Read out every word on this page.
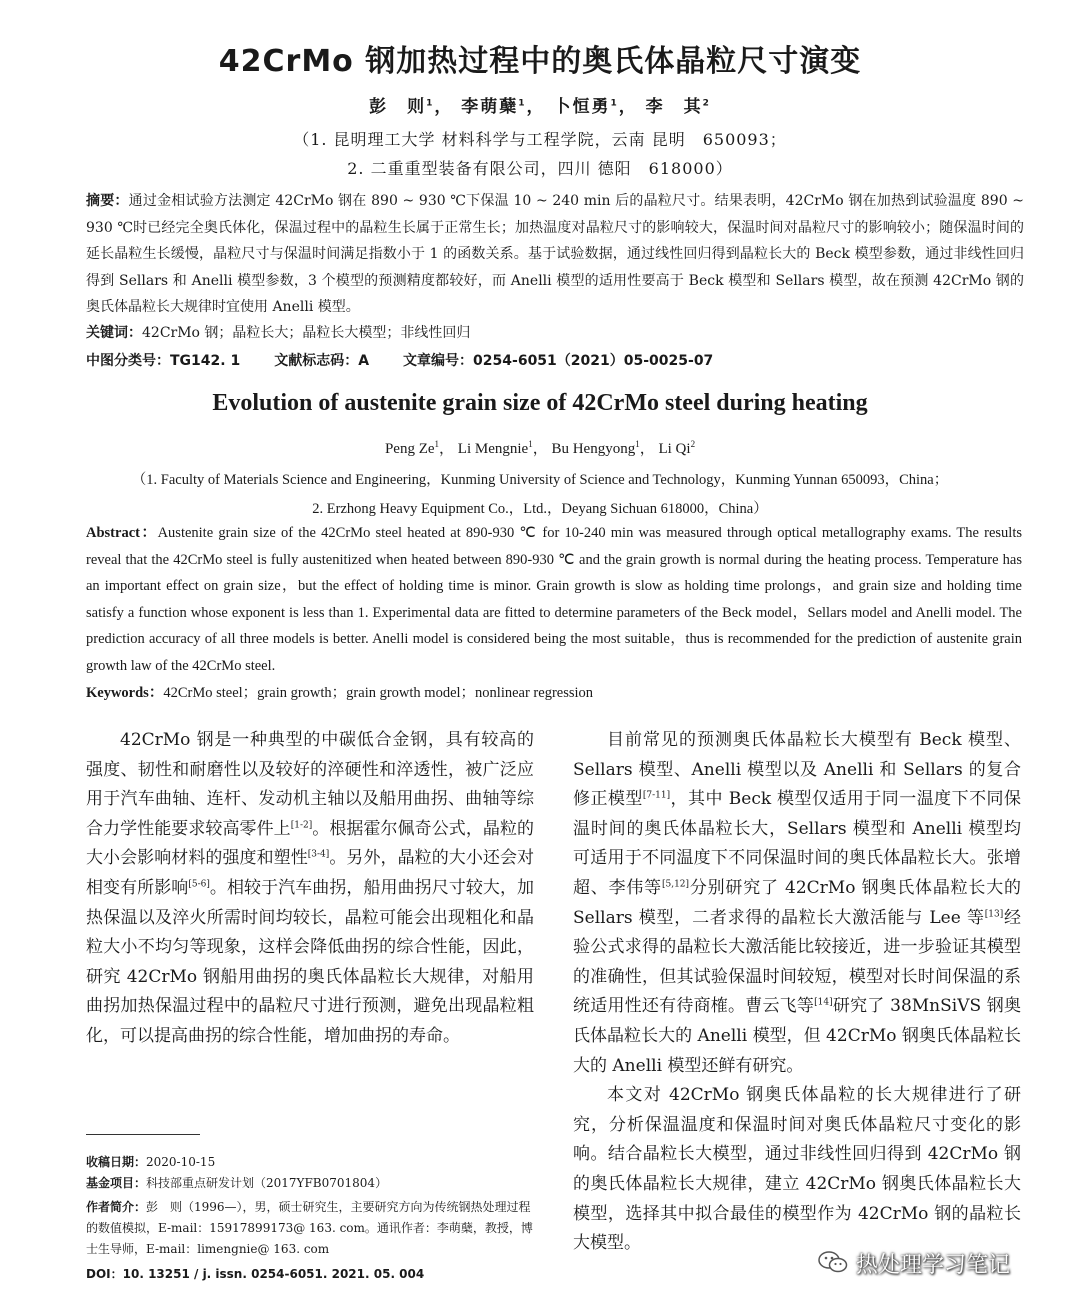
42CrMo 钢加热过程中的奥氏体晶粒尺寸演变
彭　则$^1$， 李萌蘖$^1$， 卜恒勇$^1$， 李　其$^2$
（1. 昆明理工大学 材料科学与工程学院，云南 昆明　650093；
2. 二重重型装备有限公司，四川 德阳　618000）
摘要：通过金相试验方法测定 42CrMo 钢在 890 ~ 930 ℃下保温 10 ~ 240 min 后的晶粒尺寸。结果表明，42CrMo 钢在加热到试验温度 890 ~ 930 ℃时已经完全奥氏体化，保温过程中的晶粒生长属于正常生长；加热温度对晶粒尺寸的影响较大，保温时间对晶粒尺寸的影响较小；随保温时间的延长晶粒生长缓慢，晶粒尺寸与保温时间满足指数小于 1 的函数关系。基于试验数据，通过线性回归得到晶粒长大的 Beck 模型参数，通过非线性回归得到 Sellars 和 Anelli 模型参数，3 个模型的预测精度都较好，而 Anelli 模型的适用性要高于 Beck 模型和 Sellars 模型，故在预测 42CrMo 钢的奥氏体晶粒长大规律时宜使用 Anelli 模型。
关键词：42CrMo 钢；晶粒长大；晶粒长大模型；非线性回归
中图分类号：TG142. 1 文献标志码：A 文章编号：0254-6051（2021）05-0025-07
Evolution of austenite grain size of 42CrMo steel during heating
Peng Ze$^1$， Li Mengnie$^1$， Bu Hengyong$^1$， Li Qi$^2$
（1. Faculty of Materials Science and Engineering，Kunming University of Science and Technology，Kunming Yunnan 650093，China；
2. Erzhong Heavy Equipment Co.，Ltd.，Deyang Sichuan 618000，China）
Abstract：Austenite grain size of the 42CrMo steel heated at 890-930 ℃ for 10-240 min was measured through optical metallography exams. The results reveal that the 42CrMo steel is fully austenitized when heated between 890-930 ℃ and the grain growth is normal during the heating process. Temperature has an important effect on grain size，but the effect of holding time is minor. Grain growth is slow as holding time prolongs，and grain size and holding time satisfy a function whose exponent is less than 1. Experimental data are fitted to determine parameters of the Beck model，Sellars model and Anelli model. The prediction accuracy of all three models is better. Anelli model is considered being the most suitable，thus is recommended for the prediction of austenite grain growth law of the 42CrMo steel.
Keywords：42CrMo steel；grain growth；grain growth model；nonlinear regression

42CrMo 钢是一种典型的中碳低合金钢，具有较高的强度、韧性和耐磨性以及较好的淬硬性和淬透性，被广泛应用于汽车曲轴、连杆、发动机主轴以及船用曲拐、曲轴等综合力学性能要求较高零件上[1-2]。根据霍尔佩奇公式，晶粒的大小会影响材料的强度和塑性[3-4]。另外，晶粒的大小还会对相变有所影响[5-6]。相较于汽车曲拐，船用曲拐尺寸较大，加热保温以及淬火所需时间均较长，晶粒可能会出现粗化和晶粒大小不均匀等现象，这样会降低曲拐的综合性能，因此，研究 42CrMo 钢船用曲拐的奥氏体晶粒长大规律，对船用曲拐加热保温过程中的晶粒尺寸进行预测，避免出现晶粒粗化，可以提高曲拐的综合性能，增加曲拐的寿命。

目前常见的预测奥氏体晶粒长大模型有 Beck 模型、Sellars 模型、Anelli 模型以及 Anelli 和 Sellars 的复合修正模型[7-11]，其中 Beck 模型仅适用于同一温度下不同保温时间的奥氏体晶粒长大，Sellars 模型和 Anelli 模型均可适用于不同温度下不同保温时间的奥氏体晶粒长大。张增超、李伟等[5,12]分别研究了 42CrMo 钢奥氏体晶粒长大的 Sellars 模型，二者求得的晶粒长大激活能与 Lee 等[13]经验公式求得的晶粒长大激活能比较接近，进一步验证其模型的准确性，但其试验保温时间较短，模型对长时间保温的系统适用性还有待商榷。曹云飞等[14]研究了 38MnSiVS 钢奥氏体晶粒长大的 Anelli 模型，但 42CrMo 钢奥氏体晶粒长大的 Anelli 模型还鲜有研究。

本文对 42CrMo 钢奥氏体晶粒的长大规律进行了研究，分析保温温度和保温时间对奥氏体晶粒尺寸变化的影响。结合晶粒长大模型，通过非线性回归得到 42CrMo 钢的奥氏体晶粒长大规律，建立 42CrMo 钢奥氏体晶粒长大模型，选择其中拟合最佳的模型作为 42CrMo 钢的晶粒长大模型。

收稿日期：2020-10-15
基金项目：科技部重点研发计划（2017YFB0701804）
作者简介：彭　则（1996—），男，硕士研究生，主要研究方向为传统钢热处理过程的数值模拟，E-mail：15917899173@ 163. com。通讯作者：李萌蘖，教授，博士生导师，E-mail：limengnie@ 163. com
DOI：10. 13251 / j. issn. 0254-6051. 2021. 05. 004	热处理学习笔记
